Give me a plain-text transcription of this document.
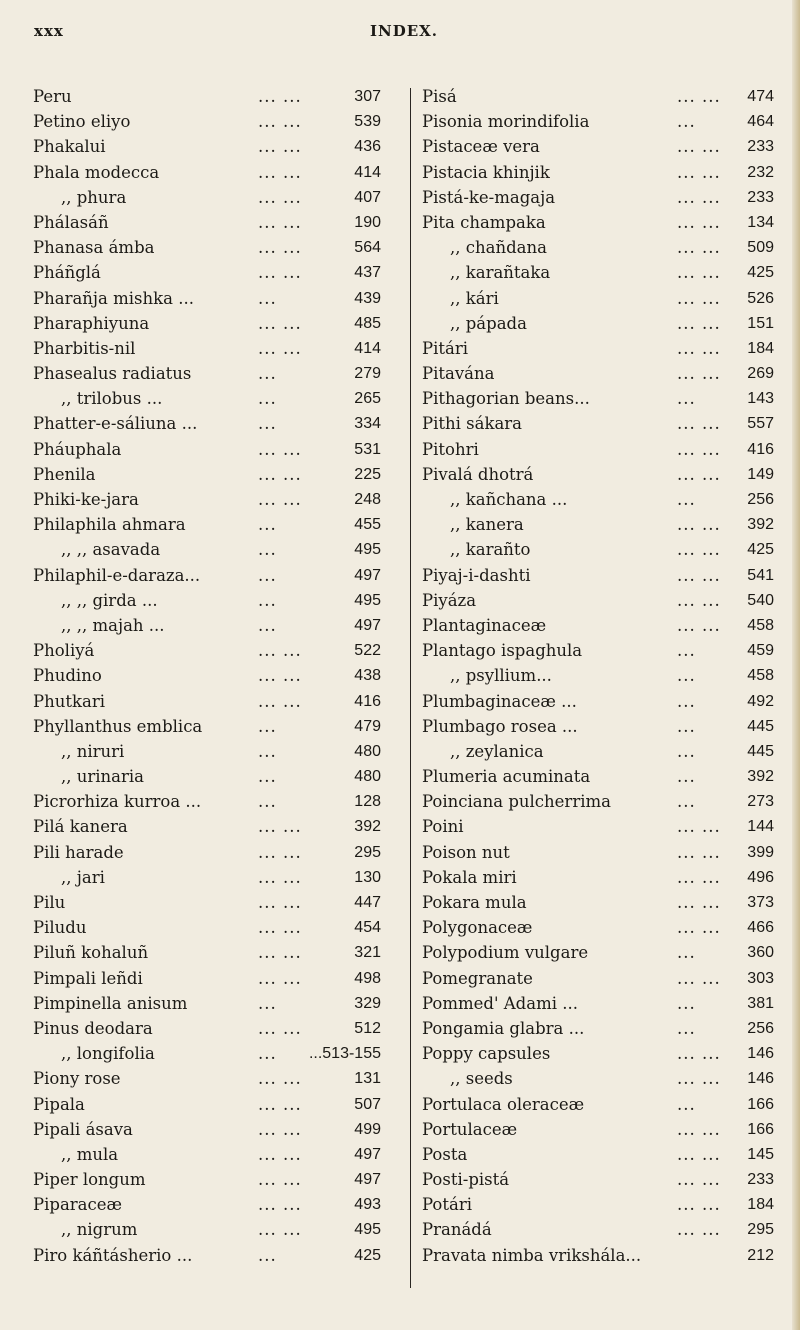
xxx	INDEX.
Peru	... ...	307
Petino eliyo	... ...	539
Phakalui	... ...	436
Phala modecca	... ...	414
,, phura	... ...	407
Phálasáñ	... ...	190
Phanasa ámba	... ...	564
Pháñglá	... ...	437
Pharañja mishka ...	...	439
Pharaphiyuna	... ...	485
Pharbitis-nil	... ...	414
Phasealus radiatus	...	279
,, trilobus ...	...	265
Phatter-e-sáliuna ...	...	334
Pháuphala	... ...	531
Phenila	... ...	225
Phiki-ke-jara	... ...	248
Philaphila ahmara	...	455
,, ,, asavada	...	495
Philaphil-e-daraza...	...	497
,, ,, girda ...	...	495
,, ,, majah ...	...	497
Pholiyá	... ...	522
Phudino	... ...	438
Phutkari	... ...	416
Phyllanthus emblica	...	479
,, niruri	...	480
,, urinaria	...	480
Picrorhiza kurroa ...	...	128
Pilá kanera	... ...	392
Pili harade	... ...	295
,, jari	... ...	130
Pilu	... ...	447
Piludu	... ...	454
Piluñ kohaluñ	... ...	321
Pimpali leñdi	... ...	498
Pimpinella anisum	...	329
Pinus deodara	... ...	512
,, longifolia	... ...513-155
Piony rose	... ...	131
Pipala	... ...	507
Pipali ásava	... ...	499
,, mula	... ...	497
Piper longum	... ...	497
Piparaceæ	... ...	493
,, nigrum	... ...	495
Piro káñtásherio ...	...	425
Pisá	... ... 474
Pisonia morindifolia	...	464
Pistaceæ vera	... ... 233
Pistacia khinjik	... ... 232
Pistá-ke-magaja	... ... 233
Pita champaka	... ... 134
,, chañdana	... ... 509
,, karañtaka	... ... 425
,, kári	... ... 526
,, pápada	... ... 151
Pitári	... ... 184
Pitavána	... ... 269
Pithagorian beans...	...	143
Pithi sákara	... ... 557
Pitohri	... ... 416
Pivalá dhotrá	... ... 149
,, kañchana ...	...	256
,, kanera	... ... 392
,, karañto	... ... 425
Piyaj-i-dashti	... ... 541
Piyáza	... ... 540
Plantaginaceæ	... ... 458
Plantago ispaghula	...	459
,, psyllium...	...	458
Plumbaginaceæ ...	...	492
Plumbago rosea ...	...	445
,, zeylanica	...	445
Plumeria acuminata	...	392
Poinciana pulcherrima	...	273
Poini	... ... 144
Poison nut	... ... 399
Pokala miri	... ... 496
Pokara mula	... ... 373
Polygonaceæ	... ... 466
Polypodium vulgare	...	360
Pomegranate	... ... 303
Pommed' Adami ...	...	381
Pongamia glabra ...	...	256
Poppy capsules	... ... 146
,, seeds	... ... 146
Portulaca oleraceæ	...	166
Portulaceæ	... ... 166
Posta	... ... 145
Posti-pistá	... ... 233
Potári	... ... 184
Pranádá	... ... 295
Pravata nimba vrikshála...	212
